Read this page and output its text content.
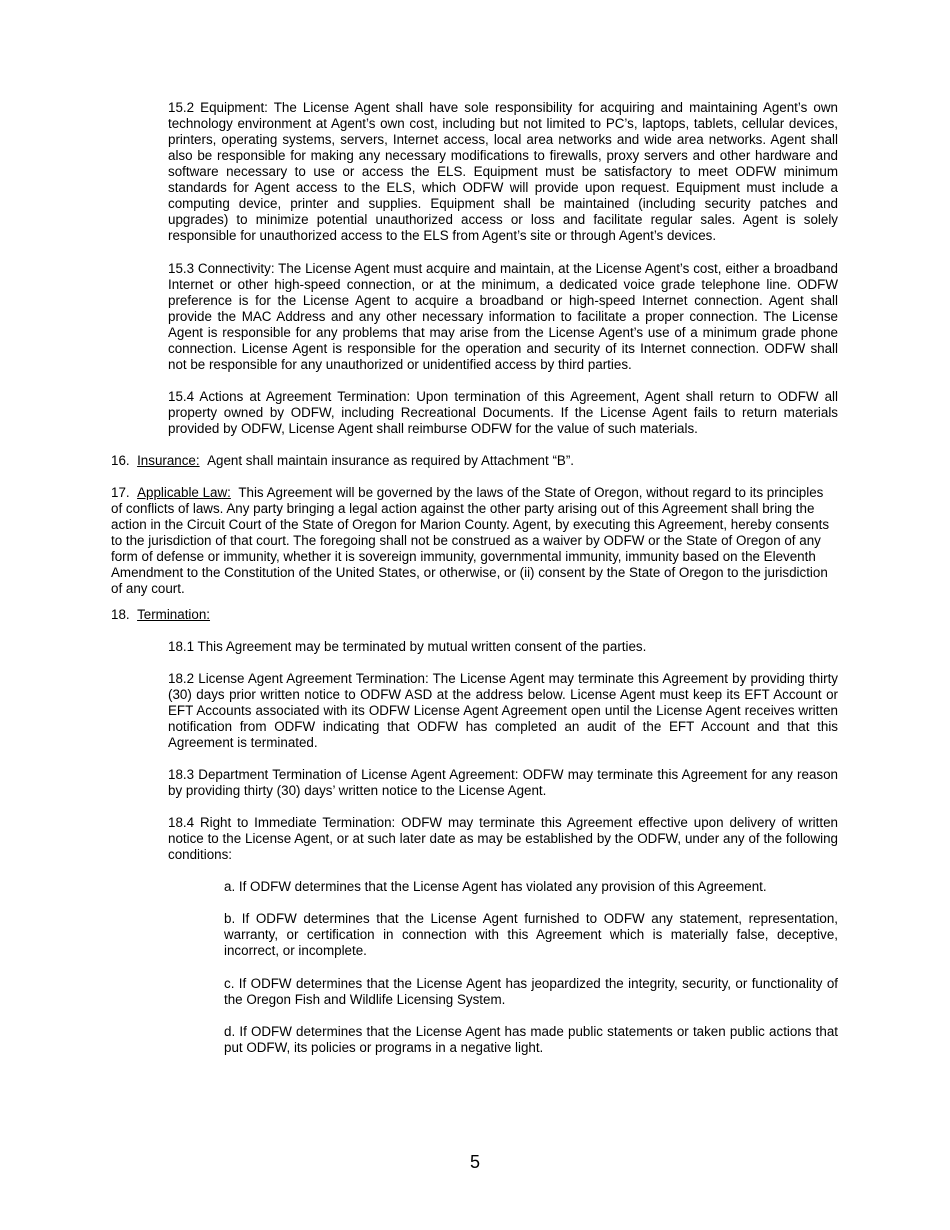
15.2 Equipment: The License Agent shall have sole responsibility for acquiring and maintaining Agent’s own technology environment at Agent’s own cost, including but not limited to PC’s, laptops, tablets, cellular devices, printers, operating systems, servers, Internet access, local area networks and wide area networks. Agent shall also be responsible for making any necessary modifications to firewalls, proxy servers and other hardware and software necessary to use or access the ELS. Equipment must be satisfactory to meet ODFW minimum standards for Agent access to the ELS, which ODFW will provide upon request. Equipment must include a computing device, printer and supplies. Equipment shall be maintained (including security patches and upgrades) to minimize potential unauthorized access or loss and facilitate regular sales. Agent is solely responsible for unauthorized access to the ELS from Agent’s site or through Agent’s devices.

15.3 Connectivity: The License Agent must acquire and maintain, at the License Agent’s cost, either a broadband Internet or other high-speed connection, or at the minimum, a dedicated voice grade telephone line. ODFW preference is for the License Agent to acquire a broadband or high-speed Internet connection. Agent shall provide the MAC Address and any other necessary information to facilitate a proper connection. The License Agent is responsible for any problems that may arise from the License Agent’s use of a minimum grade phone connection. License Agent is responsible for the operation and security of its Internet connection. ODFW shall not be responsible for any unauthorized or unidentified access by third parties.

15.4 Actions at Agreement Termination: Upon termination of this Agreement, Agent shall return to ODFW all property owned by ODFW, including Recreational Documents. If the License Agent fails to return materials provided by ODFW, License Agent shall reimburse ODFW for the value of such materials.

16. Insurance: Agent shall maintain insurance as required by Attachment “B”.

17. Applicable Law: This Agreement will be governed by the laws of the State of Oregon, without regard to its principles of conflicts of laws. Any party bringing a legal action against the other party arising out of this Agreement shall bring the action in the Circuit Court of the State of Oregon for Marion County. Agent, by executing this Agreement, hereby consents to the jurisdiction of that court. The foregoing shall not be construed as a waiver by ODFW or the State of Oregon of any form of defense or immunity, whether it is sovereign immunity, governmental immunity, immunity based on the Eleventh Amendment to the Constitution of the United States, or otherwise, or (ii) consent by the State of Oregon to the jurisdiction of any court.

18. Termination:

18.1 This Agreement may be terminated by mutual written consent of the parties.

18.2 License Agent Agreement Termination: The License Agent may terminate this Agreement by providing thirty (30) days prior written notice to ODFW ASD at the address below. License Agent must keep its EFT Account or EFT Accounts associated with its ODFW License Agent Agreement open until the License Agent receives written notification from ODFW indicating that ODFW has completed an audit of the EFT Account and that this Agreement is terminated.

18.3 Department Termination of License Agent Agreement: ODFW may terminate this Agreement for any reason by providing thirty (30) days’ written notice to the License Agent.

18.4 Right to Immediate Termination: ODFW may terminate this Agreement effective upon delivery of written notice to the License Agent, or at such later date as may be established by the ODFW, under any of the following conditions:

a. If ODFW determines that the License Agent has violated any provision of this Agreement.

b. If ODFW determines that the License Agent furnished to ODFW any statement, representation, warranty, or certification in connection with this Agreement which is materially false, deceptive, incorrect, or incomplete.

c. If ODFW determines that the License Agent has jeopardized the integrity, security, or functionality of the Oregon Fish and Wildlife Licensing System.

d. If ODFW determines that the License Agent has made public statements or taken public actions that put ODFW, its policies or programs in a negative light.

5
